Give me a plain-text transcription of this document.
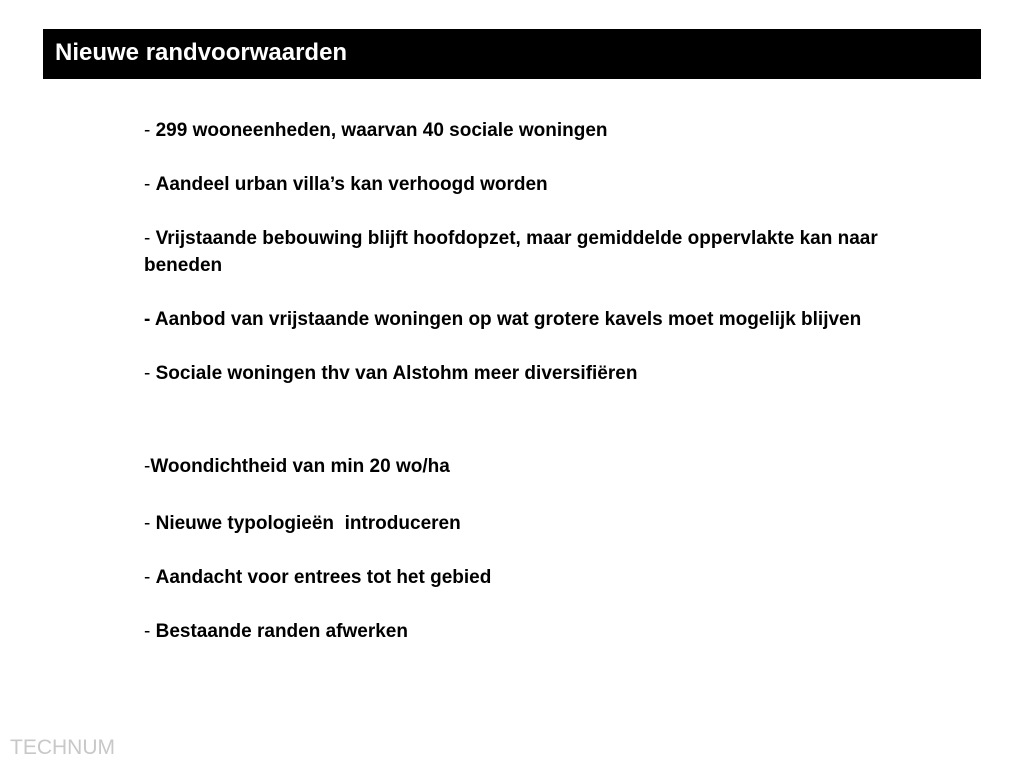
Nieuwe randvoorwaarden

- 299 wooneenheden, waarvan 40 sociale woningen

- Aandeel urban villa’s kan verhoogd worden

- Vrijstaande bebouwing blijft hoofdopzet, maar gemiddelde oppervlakte kan naar beneden

- Aanbod van vrijstaande woningen op wat grotere kavels moet mogelijk blijven

- Sociale woningen thv van Alstohm meer diversifiëren

-Woondichtheid van min 20 wo/ha

- Nieuwe typologieën  introduceren

- Aandacht voor entrees tot het gebied

- Bestaande randen afwerken

TECHNUM
